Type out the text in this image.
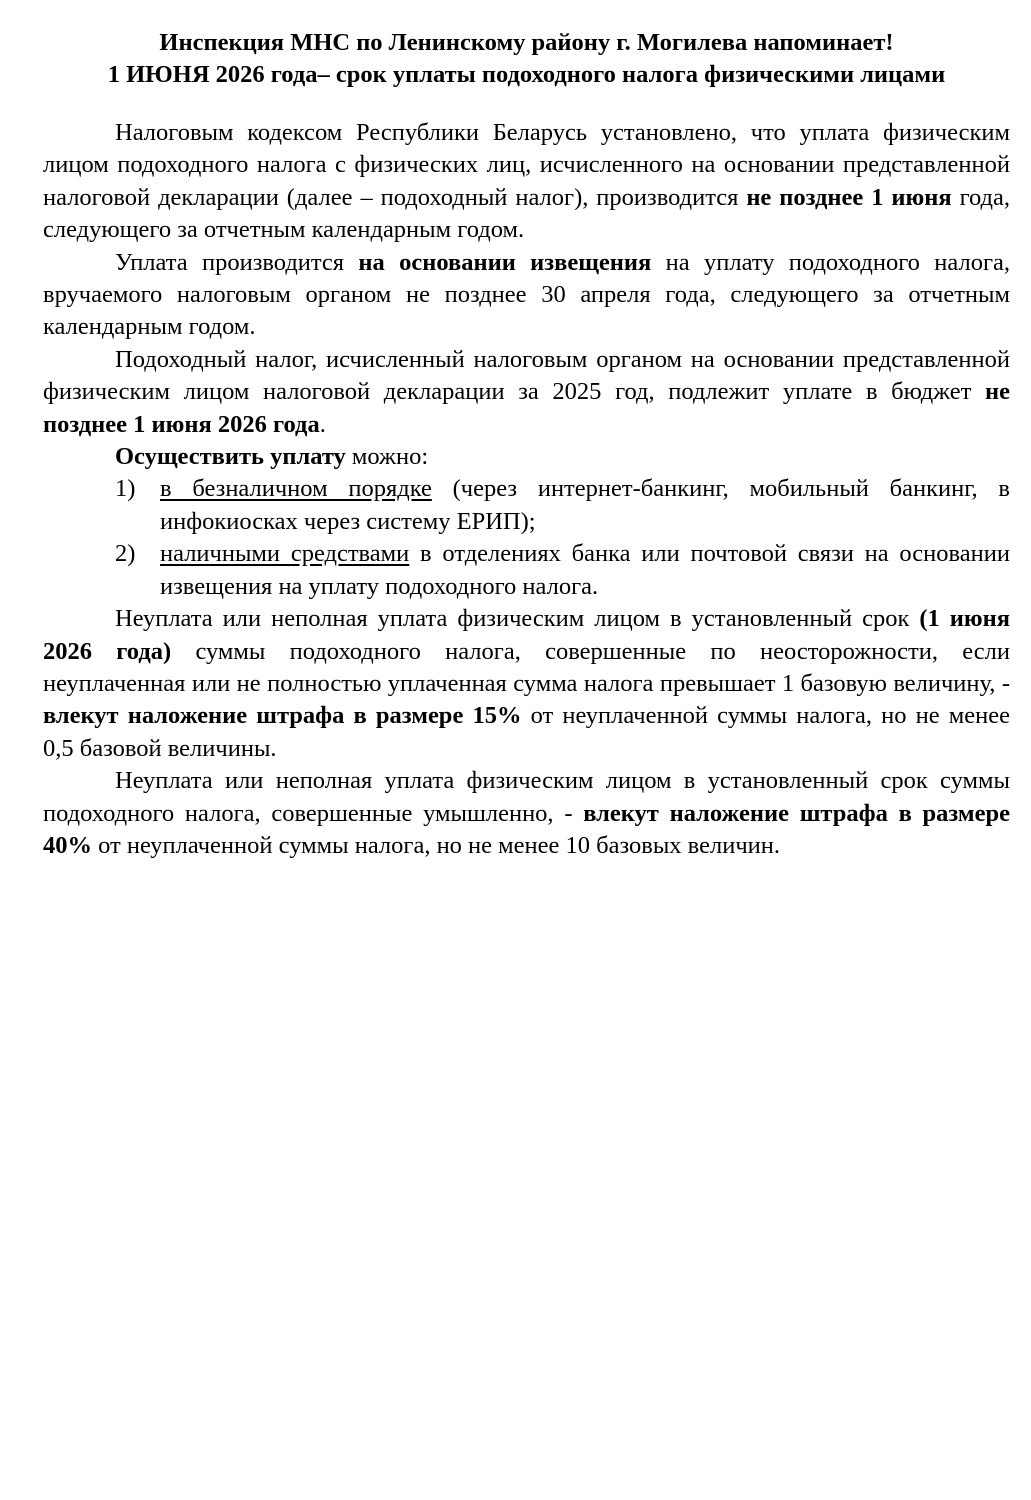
Инспекция МНС по Ленинскому району г. Могилева напоминает!
1 ИЮНЯ 2026 года– срок уплаты подоходного налога физическими лицами

Налоговым кодексом Республики Беларусь установлено, что уплата физическим лицом подоходного налога с физических лиц, исчисленного на основании представленной налоговой декларации (далее – подоходный налог), производится не позднее 1 июня года, следующего за отчетным календарным годом.

Уплата производится на основании извещения на уплату подоходного налога, вручаемого налоговым органом не позднее 30 апреля года, следующего за отчетным календарным годом.

Подоходный налог, исчисленный налоговым органом на основании представленной физическим лицом налоговой декларации за 2025 год, подлежит уплате в бюджет не позднее 1 июня 2026 года.

Осуществить уплату можно:

1) в безналичном порядке (через интернет-банкинг, мобильный банкинг, в инфокиосках через систему ЕРИП);
2) наличными средствами в отделениях банка или почтовой связи на основании извещения на уплату подоходного налога.

Неуплата или неполная уплата физическим лицом в установленный срок (1 июня 2026 года) суммы подоходного налога, совершенные по неосторожности, если неуплаченная или не полностью уплаченная сумма налога превышает 1 базовую величину, - влекут наложение штрафа в размере 15% от неуплаченной суммы налога, но не менее 0,5 базовой величины.

Неуплата или неполная уплата физическим лицом в установленный срок суммы подоходного налога, совершенные умышленно, - влекут наложение штрафа в размере 40% от неуплаченной суммы налога, но не менее 10 базовых величин.
